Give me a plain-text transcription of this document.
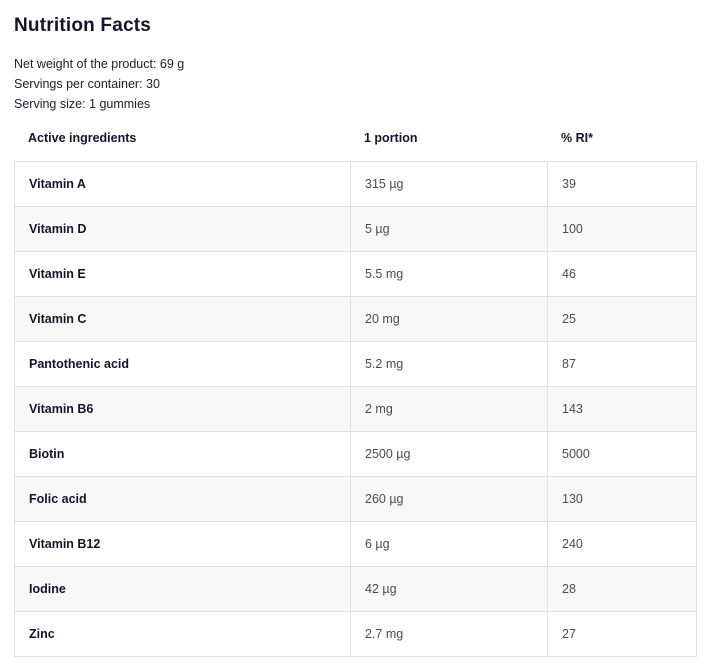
Nutrition Facts
Net weight of the product: 69 g
Servings per container: 30
Serving size: 1 gummies
Active ingredients	1 portion	% RI*
Vitamin A	315 µg	39
Vitamin D	5 µg	100
Vitamin E	5.5 mg	46
Vitamin C	20 mg	25
Pantothenic acid	5.2 mg	87
Vitamin B6	2 mg	143
Biotin	2500 µg	5000
Folic acid	260 µg	130
Vitamin B12	6 µg	240
Iodine	42 µg	28
Zinc	2.7 mg	27
